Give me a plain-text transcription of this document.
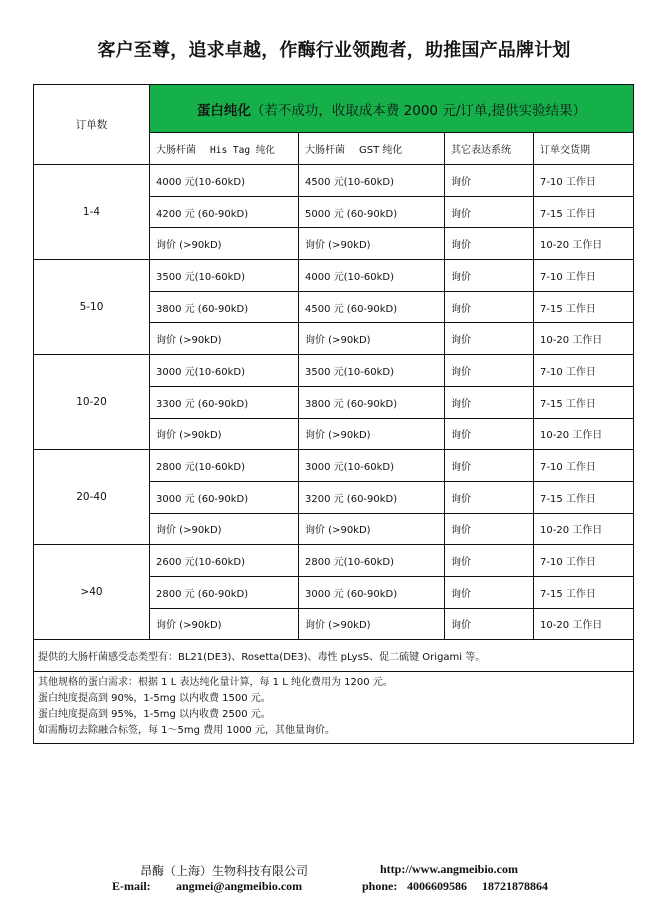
客户至尊，追求卓越，作酶行业领跑者，助推国产品牌计划
订单数	蛋白纯化（若不成功，收取成本费 2000 元/订单,提供实验结果）			
	大肠杆菌 His Tag 纯化	大肠杆菌 GST 纯化	其它表达系统	订单交货期
1-4	4000 元(10-60kD)	4500 元(10-60kD)	询价	7-10 工作日
	4200 元 (60-90kD)	5000 元 (60-90kD)	询价	7-15 工作日
	询价 (>90kD)	询价 (>90kD)	询价	10-20 工作日
5-10	3500 元(10-60kD)	4000 元(10-60kD)	询价	7-10 工作日
	3800 元 (60-90kD)	4500 元 (60-90kD)	询价	7-15 工作日
	询价 (>90kD)	询价 (>90kD)	询价	10-20 工作日
10-20	3000 元(10-60kD)	3500 元(10-60kD)	询价	7-10 工作日
	3300 元 (60-90kD)	3800 元 (60-90kD)	询价	7-15 工作日
	询价 (>90kD)	询价 (>90kD)	询价	10-20 工作日
20-40	2800 元(10-60kD)	3000 元(10-60kD)	询价	7-10 工作日
	3000 元 (60-90kD)	3200 元 (60-90kD)	询价	7-15 工作日
	询价 (>90kD)	询价 (>90kD)	询价	10-20 工作日
>40	2600 元(10-60kD)	2800 元(10-60kD)	询价	7-10 工作日
	2800 元 (60-90kD)	3000 元 (60-90kD)	询价	7-15 工作日
	询价 (>90kD)	询价 (>90kD)	询价	10-20 工作日
提供的大肠杆菌感受态类型有：BL21(DE3)、Rosetta(DE3)、毒性 pLysS、促二硫键 Origami 等。				

其他规格的蛋白需求：根据 1 L 表达纯化量计算，每 1 L 纯化费用为 1200 元。
蛋白纯度提高到 90%，1-5mg 以内收费 1500 元。
蛋白纯度提高到 95%，1-5mg 以内收费 2500 元。
如需酶切去除融合标签，每 1～5mg 费用 1000 元，其他量询价。				
昂酶（上海）生物科技有限公司	http://www.angmeibio.com
E-mail: angmei@angmeibio.com	phone: 4006609586 18721878864
